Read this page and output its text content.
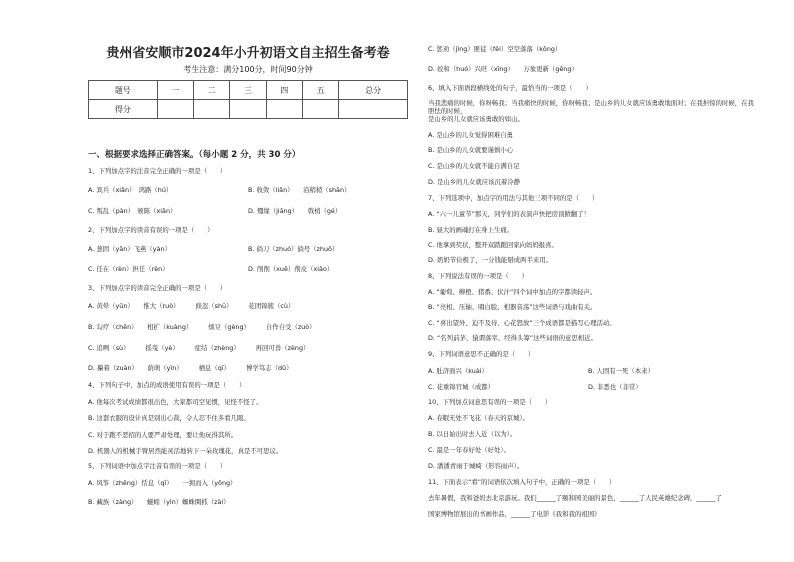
贵州省安顺市2024年小升初语文自主招生备考卷
考生注意：满分100分，时间90分钟
题号	一	二	三	四	五	总分
得分						
一、根据要求选择正确答案。（每小题 2 分，共 30 分）
1、下列加点字的注音完全正确的一项是（　　）
A. 宾兵（xiǎn）　鸿路（hú）	B. 收敛（liǎn）　　沿稍稍（shān）
C. 叛乱（pàn）　颁陈（xiān）	D. 殭缘（jiāng）　　戟梢（gé）
2、下列加点字的读音有误的一项是（　　）
A. 葱固（yān）飞燕（yàn）	B. 倘刀（zhuó）倘号（zhuō）
C. 任在（rèn）担任（rèn）	D. 削削（xuē）削皮（xiāo）
3、下列加点字的读音完全正确的一项是（　　）
A. 黄晕（yūn）　　惟大（ruò）　　　倏忽（shū）　　　花团锦簇（cù）
B. 勾疗（chēn）　　相扩（kuàng）　　　烦豆（gèng）　　　自作自受（zuò）
C. 追咧（sù）　　　摇曳（yè）　　　症结（zhèng）　　　再回可兽（zèng）
D. 攥着（zuàn）　　荫萌（yìn）　　　栖息（qī）　　　博学笃志（dǔ）
4、下列句子中，加点的成语使用有误的一项是（　　）
A. 他每次考试成绩都很出色，大家都司空见惯，见怪不怪了。
B. 这套衣服的设计真是别出心裁，令人忍不住多看几眼。
C. 对于跑不恶招的人要严肃处理，要让他玩得其所。
D. 机器人的机械手臂居然能灵活地转下一朵玫瑰花，真是不可思议。
5、下列词语中加点字注音有误的一项是（　　）
A. 风筝（zhēng）恬息（qī）　　一拥而入（yōng）
B. 藏族（zàng）　　蜒蚓（yìn）蜘蛛圈抓（zài）
C. 惩劝（jìng）匪徒（fěi）空空落落（kōng）
D. 姣和（huó）兴旺（xīng）　　万象更新（gēng）
6、填入下面语段横线处的句子，最恰当的一项是（　　）
当我悲痛的时候，你呀畅我；当我痛快的时候，你呀畅我；是山乡的儿女就应该勇敢地面对；在我担惊的时候，在我胆怯的时候，
是山乡的儿女就应该勇敢的如山。
A. 是山乡的儿女觉得困难自勇
B. 是山乡的儿女就要谨慎小心
C. 是山乡的儿女就不能自满自足
D. 是山乡的儿女就应该沉着冷静
7、下列选项中，加点字的用法与其他三项不同的是（　　）
A. “六一儿童节”那天，同学们的表演声快把房顶掀翻了！
B. 昼大的画魂打在身上生痛。
C. 他拿到奖状，整开双踏跑回家向妈妈报喜。
D. 奶奶节俭极了，一分钱能掰成两半来用。
8、下列说法有误的一项是（　　）
A. “葡萄、柳橙、猪番、伏汁”四个词中加点的字都读轻声。
B. “亮相、压轴、唱白脸、相器音荡”这些词语与戏曲有关。
C. “喜出望外、迫不及待、心花怒放”三个成语都是描写心理活动。
D. “名列前茅、猿谓落宰、经得头筹”这些词语的意思相近。
9、下列词语意思不正确的是（　　）
A. 肚济面兴（kuài）	B. 人固有一死（本来）
C. 花重锦官城（成都）	D. 非悉也（非常）
10、下列加点词意思有误的一项是（　　）
A. 春眠无处不飞花（春天的京城）。
B. 以日始出时去人近（以为）。
C. 最是一年春好处（好处）。
D. 潘潘青雨于城崎（形容雨声）。
11、下面表示“看”的词语依次填入句子中，正确的一项是（　　）
去年暑假，我和爸妈去北京游玩。我们______了颐和园美丽的景色，______了人民英雄纪念碑，______了
国家博物馆展出的书画作品，______了电影《我和我的祖国》
